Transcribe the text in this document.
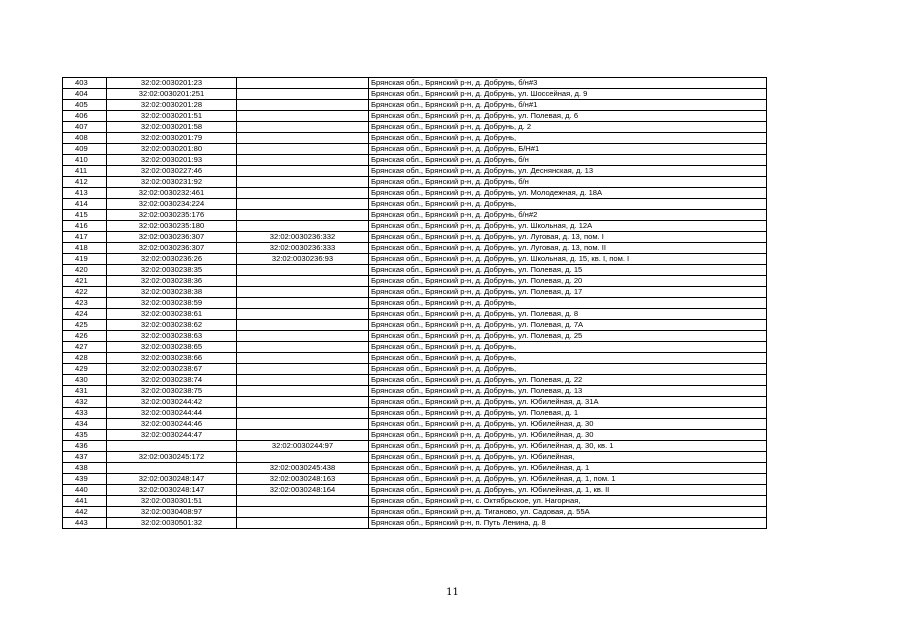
403	32:02:0030201:23		Брянская обл., Брянский р-н, д. Добрунь, б/н#3
404	32:02:0030201:251		Брянская обл., Брянский р-н, д. Добрунь, ул. Шоссейная, д. 9
405	32:02:0030201:28		Брянская обл., Брянский р-н, д. Добрунь, б/н#1
406	32:02:0030201:51		Брянская обл., Брянский р-н, д. Добрунь, ул. Полевая, д. 6
407	32:02:0030201:58		Брянская обл., Брянский р-н, д. Добрунь, д. 2
408	32:02:0030201:79		Брянская обл., Брянский р-н, д. Добрунь,
409	32:02:0030201:80		Брянская обл., Брянский р-н, д. Добрунь, Б/Н#1
410	32:02:0030201:93		Брянская обл., Брянский р-н, д. Добрунь, б/н
411	32:02:0030227:46		Брянская обл., Брянский р-н, д. Добрунь, ул. Деснянская, д. 13
412	32:02:0030231:92		Брянская обл., Брянский р-н, д. Добрунь, б/н
413	32:02:0030232:461		Брянская обл., Брянский р-н, д. Добрунь, ул. Молодежная, д. 18А
414	32:02:0030234:224		Брянская обл., Брянский р-н, д. Добрунь,
415	32:02:0030235:176		Брянская обл., Брянский р-н, д. Добрунь, б/н#2
416	32:02:0030235:180		Брянская обл., Брянский р-н, д. Добрунь, ул. Школьная, д. 12А
417	32:02:0030236:307	32:02:0030236:332	Брянская обл., Брянский р-н, д. Добрунь, ул. Луговая, д. 13, пом. I
418	32:02:0030236:307	32:02:0030236:333	Брянская обл., Брянский р-н, д. Добрунь, ул. Луговая, д. 13, пом. II
419	32:02:0030236:26	32:02:0030236:93	Брянская обл., Брянский р-н, д. Добрунь, ул. Школьная, д. 15, кв. I, пом. I
420	32:02:0030238:35		Брянская обл., Брянский р-н, д. Добрунь, ул. Полевая, д. 15
421	32:02:0030238:36		Брянская обл., Брянский р-н, д. Добрунь, ул. Полевая, д. 20
422	32:02:0030238:38		Брянская обл., Брянский р-н, д. Добрунь, ул. Полевая, д. 17
423	32:02:0030238:59		Брянская обл., Брянский р-н, д. Добрунь,
424	32:02:0030238:61		Брянская обл., Брянский р-н, д. Добрунь, ул. Полевая, д. 8
425	32:02:0030238:62		Брянская обл., Брянский р-н, д. Добрунь, ул. Полевая, д. 7А
426	32:02:0030238:63		Брянская обл., Брянский р-н, д. Добрунь, ул. Полевая, д. 25
427	32:02:0030238:65		Брянская обл., Брянский р-н, д. Добрунь,
428	32:02:0030238:66		Брянская обл., Брянский р-н, д. Добрунь,
429	32:02:0030238:67		Брянская обл., Брянский р-н, д. Добрунь,
430	32:02:0030238:74		Брянская обл., Брянский р-н, д. Добрунь, ул. Полевая, д. 22
431	32:02:0030238:75		Брянская обл., Брянский р-н, д. Добрунь, ул. Полевая, д. 13
432	32:02:0030244:42		Брянская обл., Брянский р-н, д. Добрунь, ул. Юбилейная, д. 31А
433	32:02:0030244:44		Брянская обл., Брянский р-н, д. Добрунь, ул. Полевая, д. 1
434	32:02:0030244:46		Брянская обл., Брянский р-н, д. Добрунь, ул. Юбилейная, д. 30
435	32:02:0030244:47		Брянская обл., Брянский р-н, д. Добрунь, ул. Юбилейная, д. 30
436		32:02:0030244:97	Брянская обл., Брянский р-н, д. Добрунь, ул. Юбилейная, д. 30, кв. 1
437	32:02:0030245:172		Брянская обл., Брянский р-н, д. Добрунь, ул. Юбилейная,
438		32:02:0030245:438	Брянская обл., Брянский р-н, д. Добрунь, ул. Юбилейная, д. 1
439	32:02:0030248:147	32:02:0030248:163	Брянская обл., Брянский р-н, д. Добрунь, ул. Юбилейная, д. 1, пом. 1
440	32:02:0030248:147	32:02:0030248:164	Брянская обл., Брянский р-н, д. Добрунь, ул. Юбилейная, д. 1, кв. II
441	32:02:0030301:51		Брянская обл., Брянский р-н, с. Октябрьское, ул. Нагорная,
442	32:02:0030408:97		Брянская обл., Брянский р-н, д. Тиганово, ул. Садовая, д. 55А
443	32:02:0030501:32		Брянская обл., Брянский р-н, п. Путь Ленина, д. 8
11
